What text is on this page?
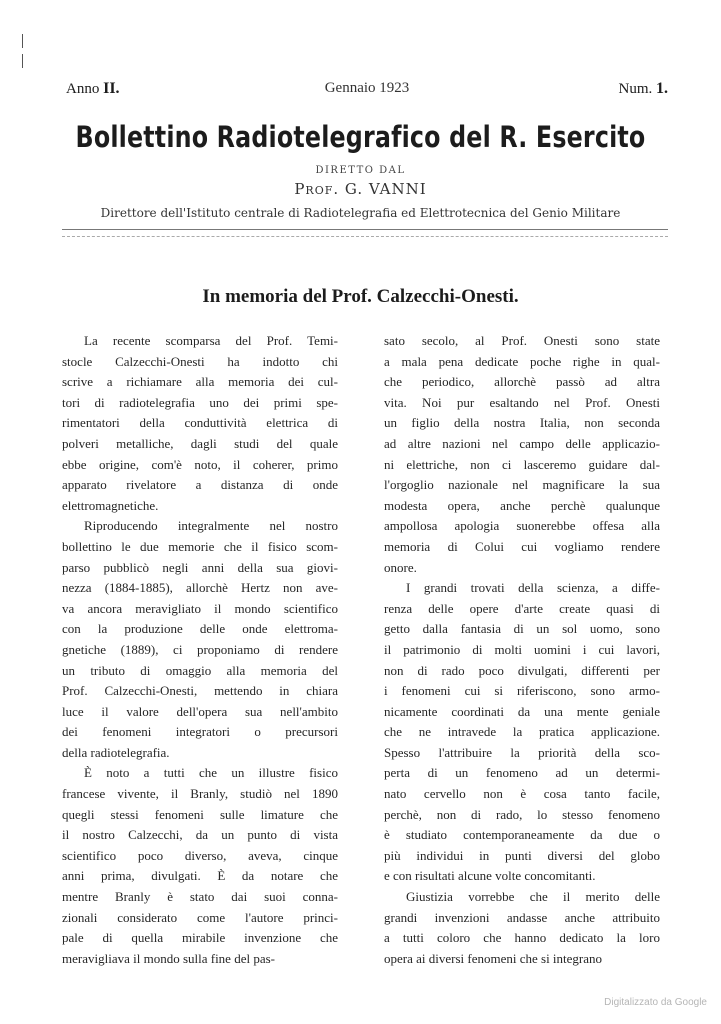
Anno II.	Gennaio 1923	Num. 1.
Bollettino Radiotelegrafico del R. Esercito
DIRETTO DAL
Prof. G. VANNI
Direttore dell'Istituto centrale di Radiotelegrafia ed Elettrotecnica del Genio Militare
In memoria del Prof. Calzecchi-Onesti.

La recente scomparsa del Prof. Temi-
stocle Calzecchi-Onesti ha indotto chi
scrive a richiamare alla memoria dei cul-
tori di radiotelegrafia uno dei primi spe-
rimentatori della conduttività elettrica di
polveri metalliche, dagli studi del quale
ebbe origine, com'è noto, il coherer, primo
apparato rivelatore a distanza di onde
elettromagnetiche.

Riproducendo integralmente nel nostro
bollettino le due memorie che il fisico scom-
parso pubblicò negli anni della sua giovi-
nezza (1884-1885), allorchè Hertz non ave-
va ancora meravigliato il mondo scientifico
con la produzione delle onde elettroma-
gnetiche (1889), ci proponiamo di rendere
un tributo di omaggio alla memoria del
Prof. Calzecchi-Onesti, mettendo in chiara
luce il valore dell'opera sua nell'ambito
dei fenomeni integratori o precursori
della radiotelegrafia.

È noto a tutti che un illustre fisico
francese vivente, il Branly, studiò nel 1890
quegli stessi fenomeni sulle limature che
il nostro Calzecchi, da un punto di vista
scientifico poco diverso, aveva, cinque
anni prima, divulgati. È da notare che
mentre Branly è stato dai suoi conna-
zionali considerato come l'autore princi-
pale di quella mirabile invenzione che
meravigliava il mondo sulla fine del pas-

sato secolo, al Prof. Onesti sono state
a mala pena dedicate poche righe in qual-
che periodico, allorchè passò ad altra
vita. Noi pur esaltando nel Prof. Onesti
un figlio della nostra Italia, non seconda
ad altre nazioni nel campo delle applicazio-
ni elettriche, non ci lasceremo guidare dal-
l'orgoglio nazionale nel magnificare la sua
modesta opera, anche perchè qualunque
ampollosa apologia suonerebbe offesa alla
memoria di Colui cui vogliamo rendere
onore.

I grandi trovati della scienza, a diffe-
renza delle opere d'arte create quasi di
getto dalla fantasia di un sol uomo, sono
il patrimonio di molti uomini i cui lavori,
non di rado poco divulgati, differenti per
i fenomeni cui si riferiscono, sono armo-
nicamente coordinati da una mente geniale
che ne intravede la pratica applicazione.
Spesso l'attribuire la priorità della sco-
perta di un fenomeno ad un determi-
nato cervello non è cosa tanto facile,
perchè, non di rado, lo stesso fenomeno
è studiato contemporaneamente da due o
più individui in punti diversi del globo
e con risultati alcune volte concomitanti.

Giustizia vorrebbe che il merito delle
grandi invenzioni andasse anche attribuito
a tutti coloro che hanno dedicato la loro
opera ai diversi fenomeni che si integrano

Digitalizzato da Google
